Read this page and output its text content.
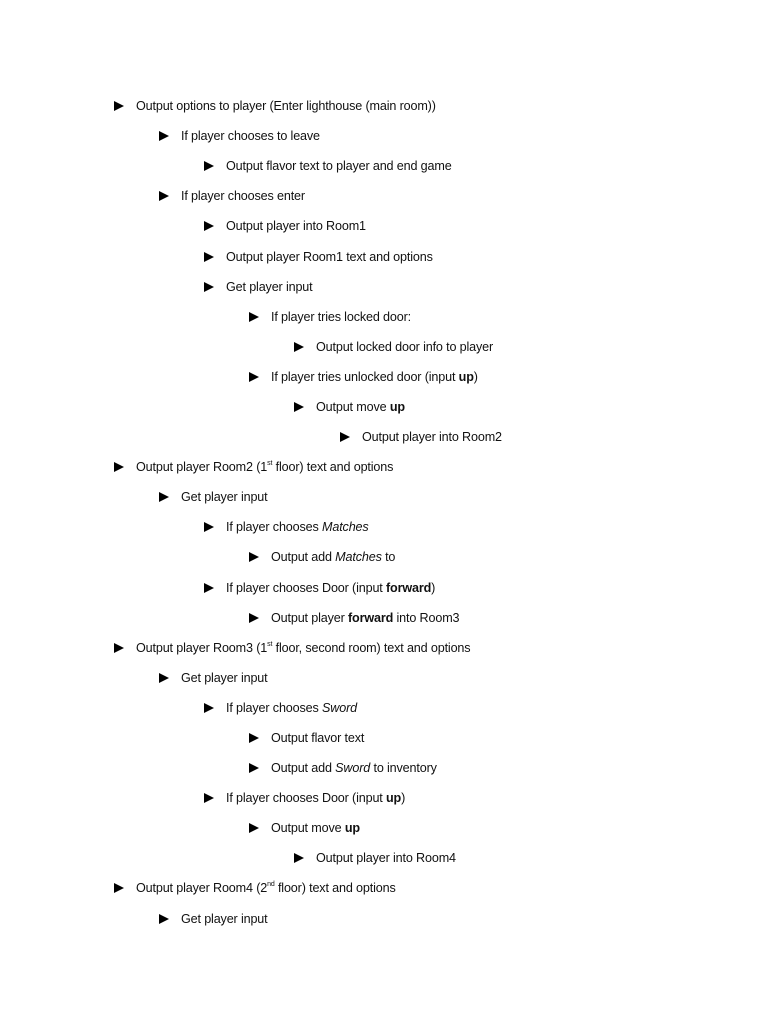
Output options to player (Enter lighthouse (main room))
If player chooses to leave
Output flavor text to player and end game
If player chooses enter
Output player into Room1
Output player Room1 text and options
Get player input
If player tries locked door:
Output locked door info to player
If player tries unlocked door (input up)
Output move up
Output player into Room2
Output player Room2 (1st floor) text and options
Get player input
If player chooses Matches
Output add Matches to
If player chooses Door (input forward)
Output player forward into Room3
Output player Room3 (1st floor, second room) text and options
Get player input
If player chooses Sword
Output flavor text
Output add Sword to inventory
If player chooses Door (input up)
Output move up
Output player into Room4
Output player Room4 (2nd floor) text and options
Get player input
